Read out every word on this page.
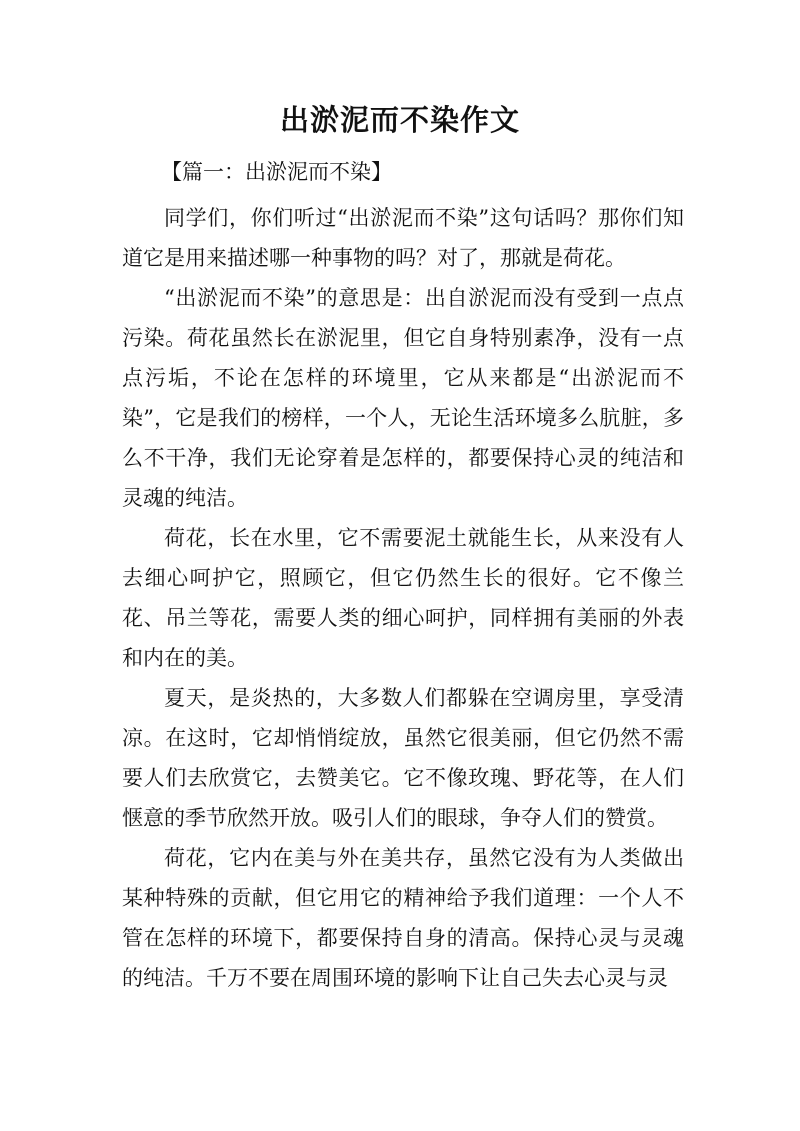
出淤泥而不染作文
【篇一：出淤泥而不染】

同学们，你们听过“出淤泥而不染”这句话吗？那你们知道它是用来描述哪一种事物的吗？对了，那就是荷花。

“出淤泥而不染”的意思是：出自淤泥而没有受到一点点污染。荷花虽然长在淤泥里，但它自身特别素净，没有一点点污垢，不论在怎样的环境里，它从来都是“出淤泥而不染”，它是我们的榜样，一个人，无论生活环境多么肮脏，多么不干净，我们无论穿着是怎样的，都要保持心灵的纯洁和灵魂的纯洁。

荷花，长在水里，它不需要泥土就能生长，从来没有人去细心呵护它，照顾它，但它仍然生长的很好。它不像兰花、吊兰等花，需要人类的细心呵护，同样拥有美丽的外表和内在的美。

夏天，是炎热的，大多数人们都躲在空调房里，享受清凉。在这时，它却悄悄绽放，虽然它很美丽，但它仍然不需要人们去欣赏它，去赞美它。它不像玫瑰、野花等，在人们惬意的季节欣然开放。吸引人们的眼球，争夺人们的赞赏。

荷花，它内在美与外在美共存，虽然它没有为人类做出某种特殊的贡献，但它用它的精神给予我们道理：一个人不管在怎样的环境下，都要保持自身的清高。保持心灵与灵魂的纯洁。千万不要在周围环境的影响下让自己失去心灵与灵
